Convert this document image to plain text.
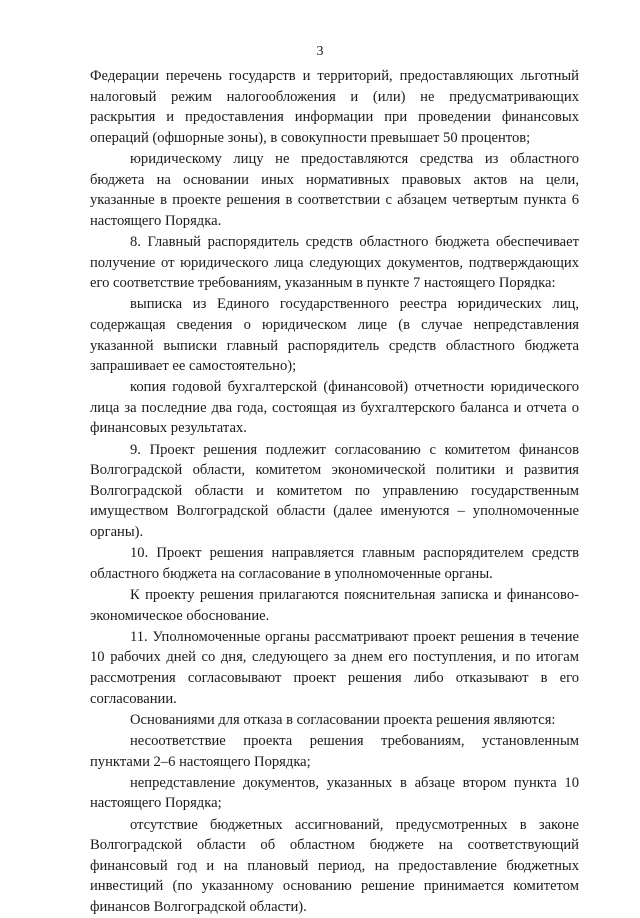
3

Федерации перечень государств и территорий, предоставляющих льготный налоговый режим налогообложения и (или) не предусматривающих раскрытия и предоставления информации при проведении финансовых операций (офшорные зоны), в совокупности превышает 50 процентов;

юридическому лицу не предоставляются средства из областного бюджета на основании иных нормативных правовых актов на цели, указанные в проекте решения в соответствии с абзацем четвертым пункта 6 настоящего Порядка.

8. Главный распорядитель средств областного бюджета обеспечивает получение от юридического лица следующих документов, подтверждающих его соответствие требованиям, указанным в пункте 7 настоящего Порядка:

выписка из Единого государственного реестра юридических лиц, содержащая сведения о юридическом лице (в случае непредставления указанной выписки главный распорядитель средств областного бюджета запрашивает ее самостоятельно);

копия годовой бухгалтерской (финансовой) отчетности юридического лица за последние два года, состоящая из бухгалтерского баланса и отчета о финансовых результатах.

9. Проект решения подлежит согласованию с комитетом финансов Волгоградской области, комитетом экономической политики и развития Волгоградской области и комитетом по управлению государственным имуществом Волгоградской области (далее именуются – уполномоченные органы).

10. Проект решения направляется главным распорядителем средств областного бюджета на согласование в уполномоченные органы.

К проекту решения прилагаются пояснительная записка и финансово-экономическое обоснование.

11. Уполномоченные органы рассматривают проект решения в течение 10 рабочих дней со дня, следующего за днем его поступления, и по итогам рассмотрения согласовывают проект решения либо отказывают в его согласовании.

Основаниями для отказа в согласовании проекта решения являются:

несоответствие проекта решения требованиям, установленным пунктами 2–6 настоящего Порядка;

непредставление документов, указанных в абзаце втором пункта 10 настоящего Порядка;

отсутствие бюджетных ассигнований, предусмотренных в законе Волгоградской области об областном бюджете на соответствующий финансовый год и на плановый период, на предоставление бюджетных инвестиций (по указанному основанию решение принимается комитетом финансов Волгоградской области).
